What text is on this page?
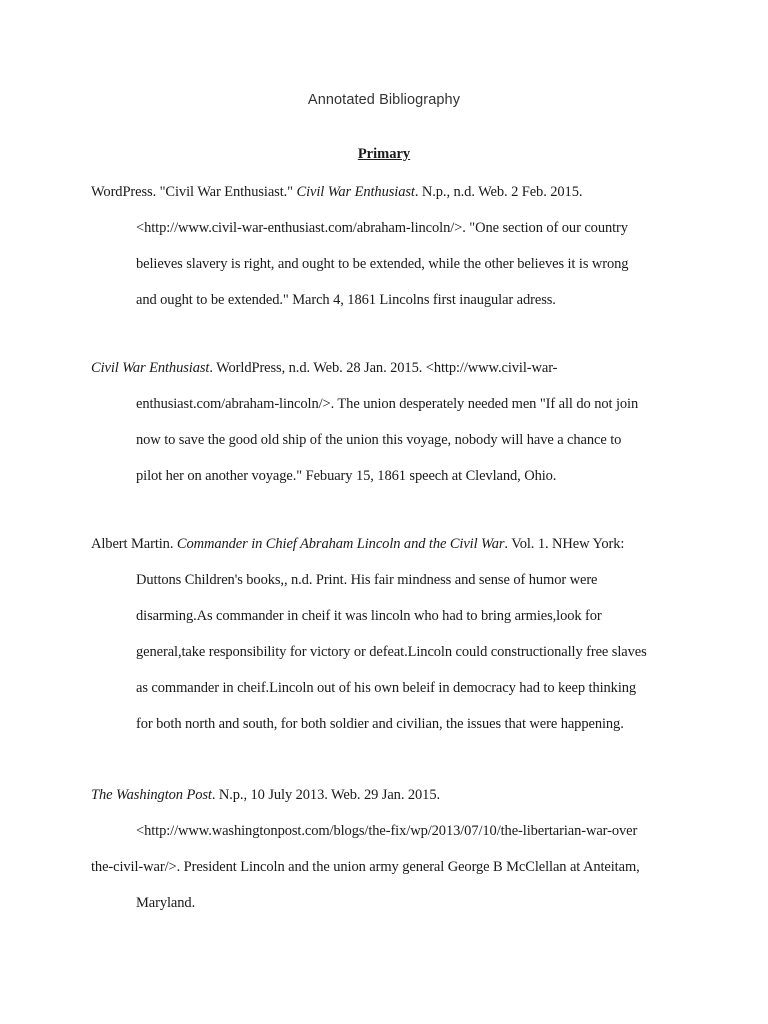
Annotated Bibliography
Primary
WordPress. "Civil War Enthusiast." Civil War Enthusiast. N.p., n.d. Web. 2 Feb. 2015.
<http://www.civil-war-enthusiast.com/abraham-lincoln/>. "One section of our country
believes slavery is right, and ought to be extended, while the other believes it is wrong
and ought to be extended." March 4, 1861 Lincolns first inaugular adress.
Civil War Enthusiast. WorldPress, n.d. Web. 28 Jan. 2015. <http://www.civil-war-
enthusiast.com/abraham-lincoln/>. The union desperately needed men "If all do not join
now to save the good old ship of the union this voyage, nobody will have a chance to
pilot her on another voyage." Febuary 15, 1861 speech at Clevland, Ohio.
Albert Martin. Commander in Chief Abraham Lincoln and the Civil War. Vol. 1. NHew York:
Duttons Children's books,, n.d. Print. His fair mindness and sense of humor were
disarming.As commander in cheif it was lincoln who had to bring armies,look for
general,take responsibility for victory or defeat.Lincoln could constructionally free slaves
as commander in cheif.Lincoln out of his own beleif in democracy had to keep thinking
for both north and south, for both soldier and civilian, the issues that were happening.
The Washington Post. N.p., 10 July 2013. Web. 29 Jan. 2015.
<http://www.washingtonpost.com/blogs/the-fix/wp/2013/07/10/the-libertarian-war-over
the-civil-war/>. President Lincoln and the union army general George B McClellan at Anteitam,
Maryland.
